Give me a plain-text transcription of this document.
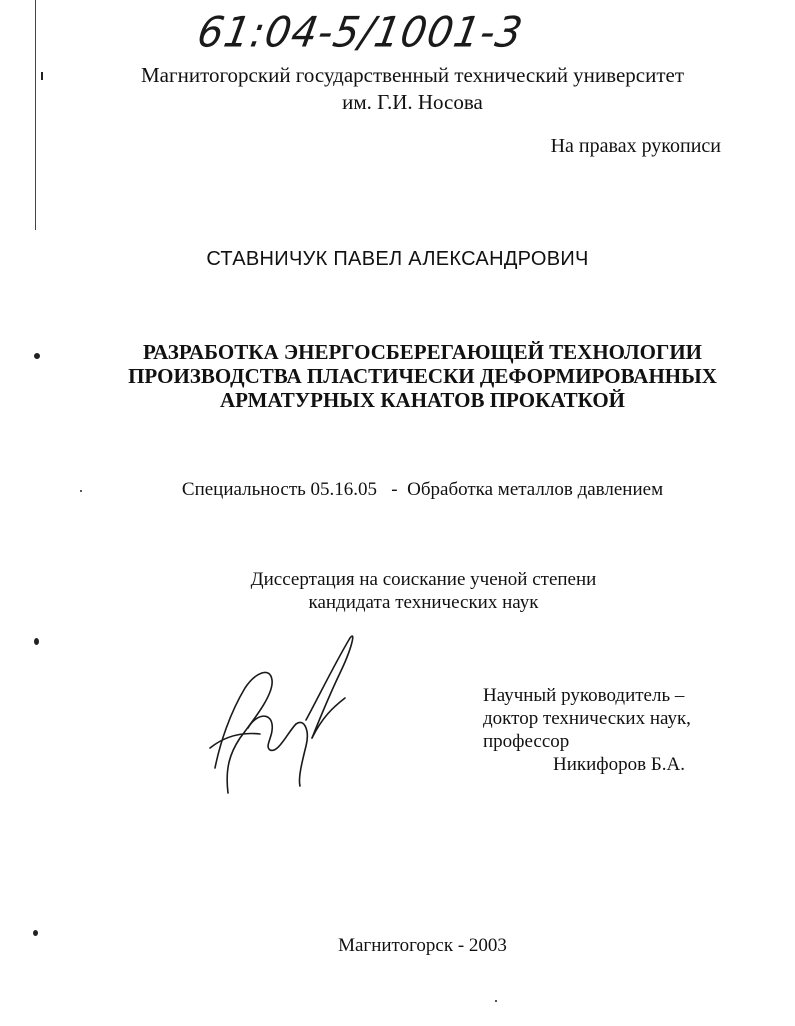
61:04-5/1001-3
Магнитогорский государственный технический университет
им. Г.И. Носова
На правах рукописи
СТАВНИЧУК ПАВЕЛ АЛЕКСАНДРОВИЧ
РАЗРАБОТКА ЭНЕРГОСБЕРЕГАЮЩЕЙ ТЕХНОЛОГИИ
ПРОИЗВОДСТВА ПЛАСТИЧЕСКИ ДЕФОРМИРОВАННЫХ
АРМАТУРНЫХ КАНАТОВ ПРОКАТКОЙ
Специальность 05.16.05 - Обработка металлов давлением
Диссертация на соискание ученой степени
кандидата технических наук
Научный руководитель –
доктор технических наук,
профессор
Никифоров Б.А.
Магнитогорск - 2003
